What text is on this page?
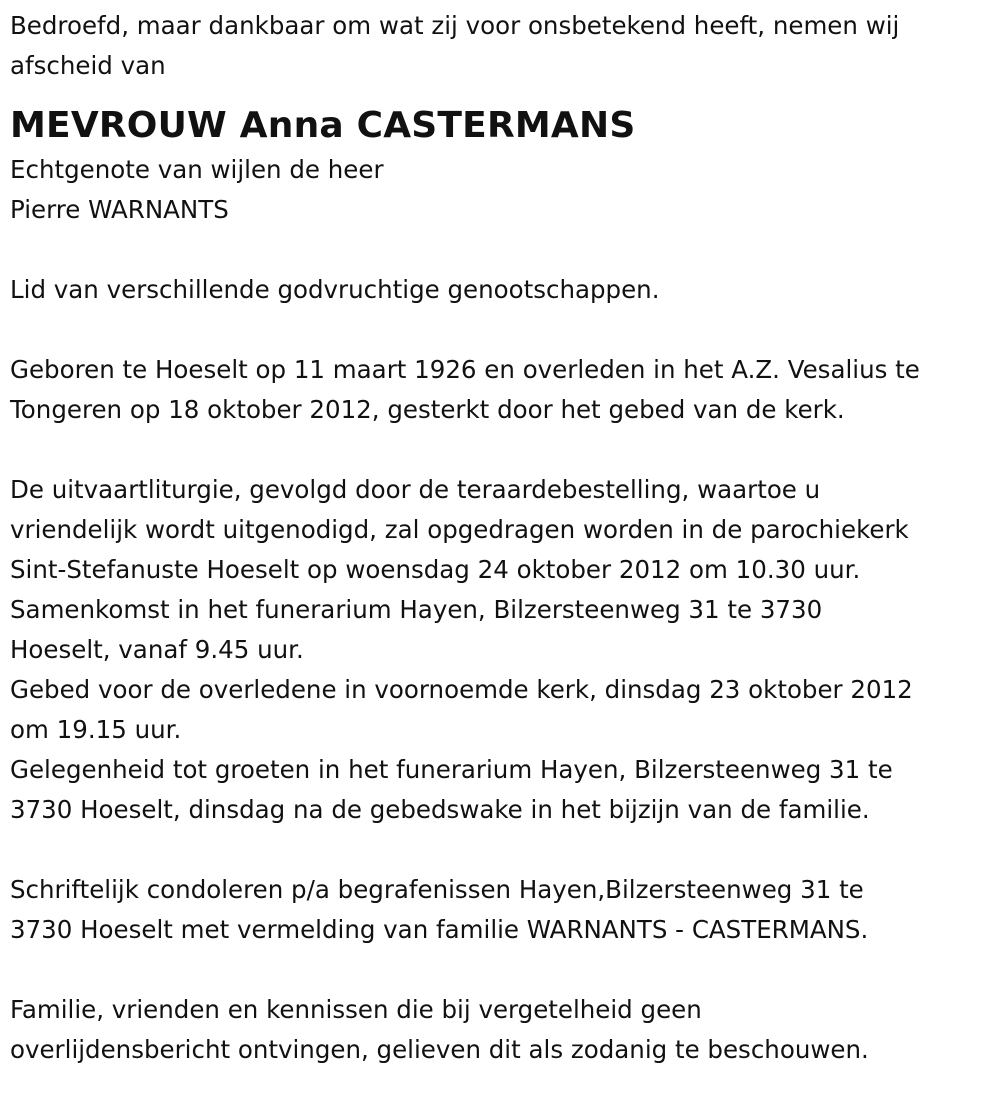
Bedroefd, maar dankbaar om wat zij voor onsbetekend heeft, nemen wij
afscheid van

MEVROUW Anna CASTERMANS

Echtgenote van wijlen de heer
Pierre WARNANTS

Lid van verschillende godvruchtige genootschappen.

Geboren te Hoeselt op 11 maart 1926 en overleden in het A.Z. Vesalius te
Tongeren op 18 oktober 2012, gesterkt door het gebed van de kerk.

De uitvaartliturgie, gevolgd door de teraardebestelling, waartoe u
vriendelijk wordt uitgenodigd, zal opgedragen worden in de parochiekerk
Sint-Stefanuste Hoeselt op woensdag 24 oktober 2012 om 10.30 uur.
Samenkomst in het funerarium Hayen, Bilzersteenweg 31 te 3730
Hoeselt, vanaf 9.45 uur.
Gebed voor de overledene in voornoemde kerk, dinsdag 23 oktober 2012
om 19.15 uur.
Gelegenheid tot groeten in het funerarium Hayen, Bilzersteenweg 31 te
3730 Hoeselt, dinsdag na de gebedswake in het bijzijn van de familie.

Schriftelijk condoleren p/a begrafenissen Hayen,Bilzersteenweg 31 te
3730 Hoeselt met vermelding van familie WARNANTS - CASTERMANS.

Familie, vrienden en kennissen die bij vergetelheid geen
overlijdensbericht ontvingen, gelieven dit als zodanig te beschouwen.
